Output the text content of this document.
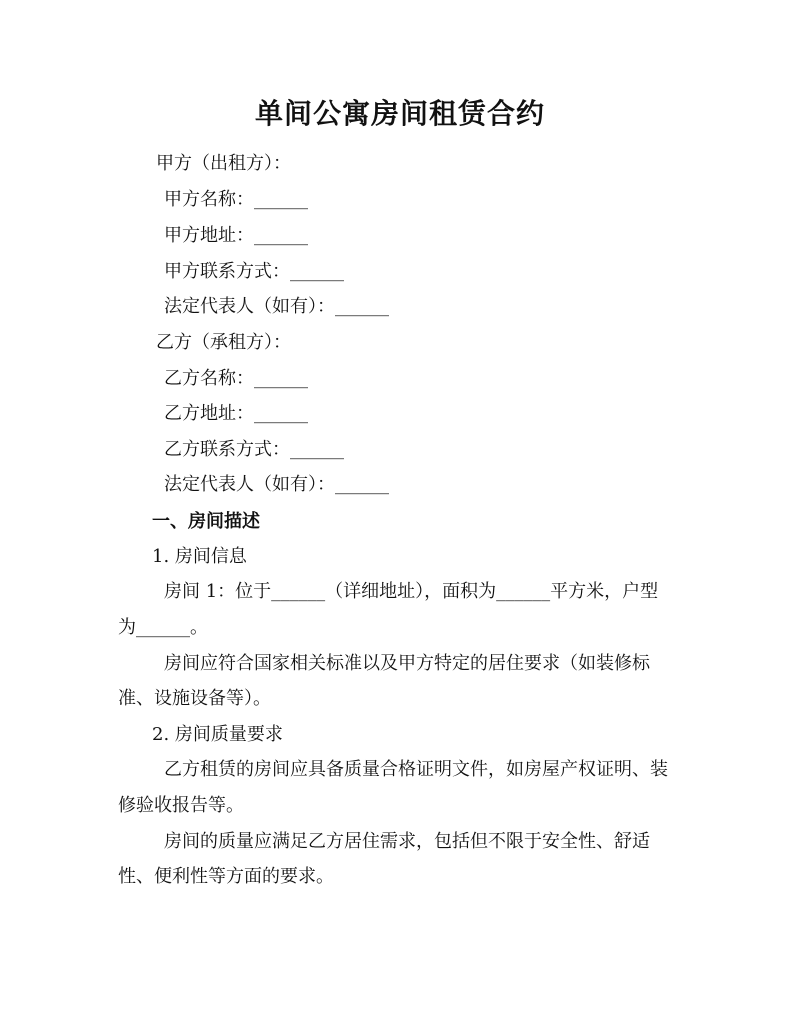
单间公寓房间租赁合约
甲方（出租方）：
甲方名称：______
甲方地址：______
甲方联系方式：______
法定代表人（如有）：______
乙方（承租方）：
乙方名称：______
乙方地址：______
乙方联系方式：______
法定代表人（如有）：______
一、房间描述
1. 房间信息
房间 1：位于______（详细地址），面积为______平方米，户型
为______。
房间应符合国家相关标准以及甲方特定的居住要求（如装修标
准、设施设备等）。
2. 房间质量要求
乙方租赁的房间应具备质量合格证明文件，如房屋产权证明、装
修验收报告等。
房间的质量应满足乙方居住需求，包括但不限于安全性、舒适
性、便利性等方面的要求。
